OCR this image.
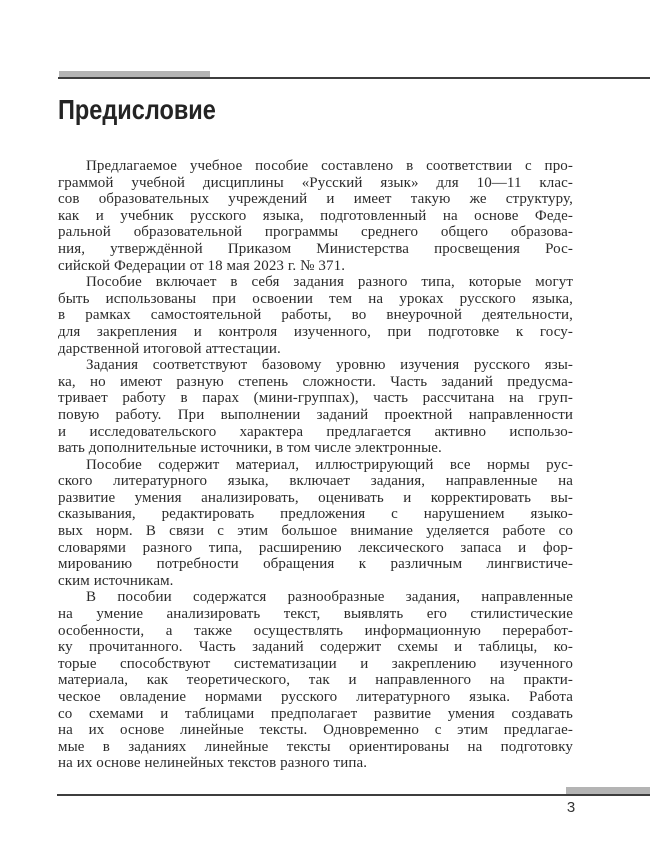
Предисловие
Предлагаемое учебное пособие составлено в соответствии с про-
граммой учебной дисциплины «Русский язык» для 10—11 клас-
сов образовательных учреждений и имеет такую же структуру,
как и учебник русского языка, подготовленный на основе Феде-
ральной образовательной программы среднего общего образова-
ния, утверждённой Приказом Министерства просвещения Рос-
сийской Федерации от 18 мая 2023 г. № 371.
Пособие включает в себя задания разного типа, которые могут
быть использованы при освоении тем на уроках русского языка,
в рамках самостоятельной работы, во внеурочной деятельности,
для закрепления и контроля изученного, при подготовке к госу-
дарственной итоговой аттестации.
Задания соответствуют базовому уровню изучения русского язы-
ка, но имеют разную степень сложности. Часть заданий предусма-
тривает работу в парах (мини-группах), часть рассчитана на груп-
повую работу. При выполнении заданий проектной направленности
и исследовательского характера предлагается активно использо-
вать дополнительные источники, в том числе электронные.
Пособие содержит материал, иллюстрирующий все нормы рус-
ского литературного языка, включает задания, направленные на
развитие умения анализировать, оценивать и корректировать вы-
сказывания, редактировать предложения с нарушением языко-
вых норм. В связи с этим большое внимание уделяется работе со
словарями разного типа, расширению лексического запаса и фор-
мированию потребности обращения к различным лингвистиче-
ским источникам.
В пособии содержатся разнообразные задания, направленные
на умение анализировать текст, выявлять его стилистические
особенности, а также осуществлять информационную переработ-
ку прочитанного. Часть заданий содержит схемы и таблицы, ко-
торые способствуют систематизации и закреплению изученного
материала, как теоретического, так и направленного на практи-
ческое овладение нормами русского литературного языка. Работа
со схемами и таблицами предполагает развитие умения создавать
на их основе линейные тексты. Одновременно с этим предлагае-
мые в заданиях линейные тексты ориентированы на подготовку
на их основе нелинейных текстов разного типа.
3
